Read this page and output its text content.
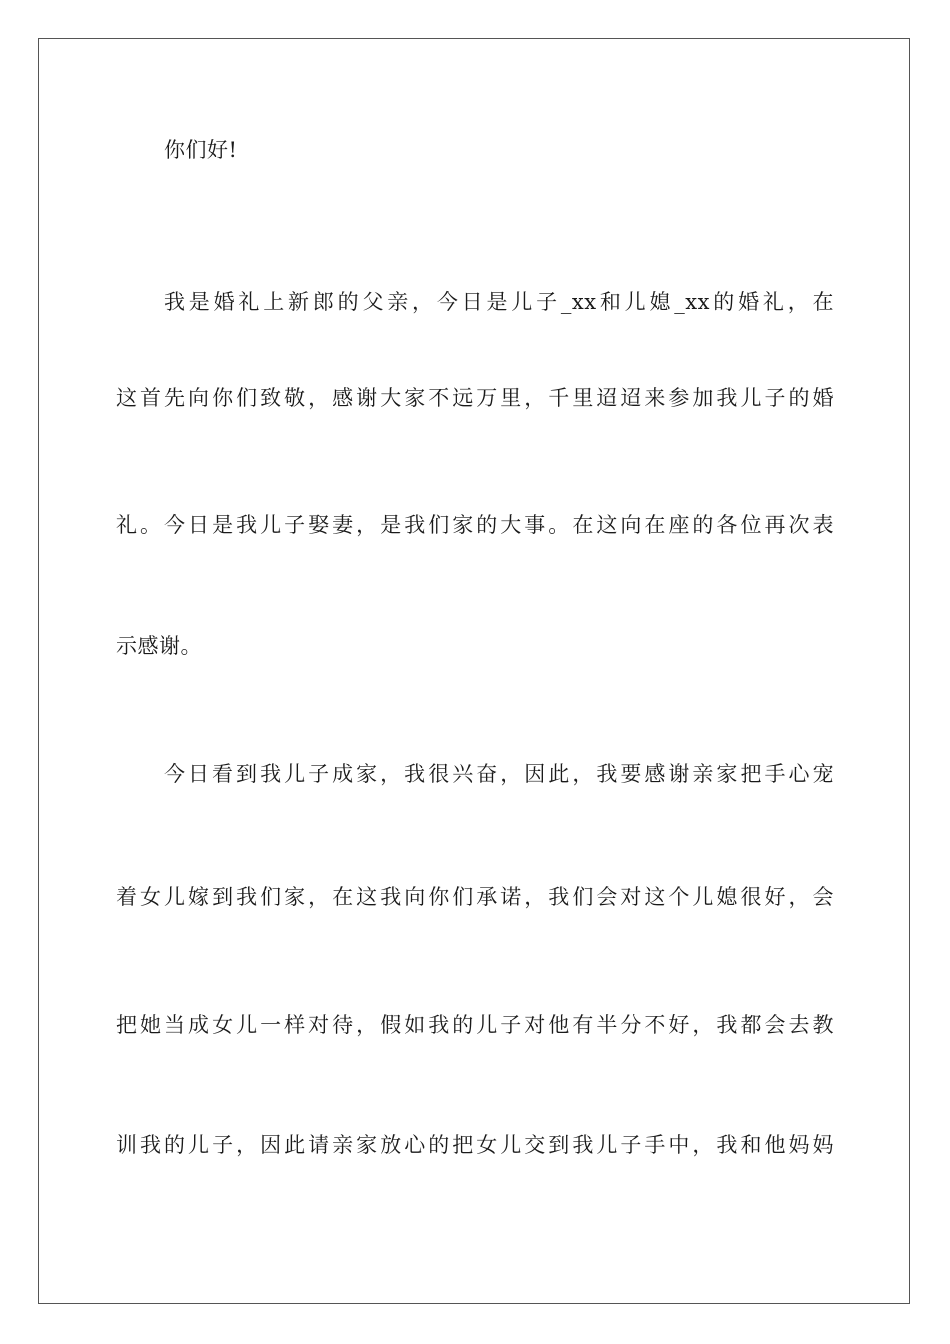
你们好!
我是婚礼上新郎的父亲，今日是儿子_xx和儿媳_xx的婚礼，在
这首先向你们致敬，感谢大家不远万里，千里迢迢来参加我儿子的婚
礼。今日是我儿子娶妻，是我们家的大事。在这向在座的各位再次表
示感谢。
今日看到我儿子成家，我很兴奋，因此，我要感谢亲家把手心宠
着女儿嫁到我们家，在这我向你们承诺，我们会对这个儿媳很好，会
把她当成女儿一样对待，假如我的儿子对他有半分不好，我都会去教
训我的儿子，因此请亲家放心的把女儿交到我儿子手中，我和他妈妈
